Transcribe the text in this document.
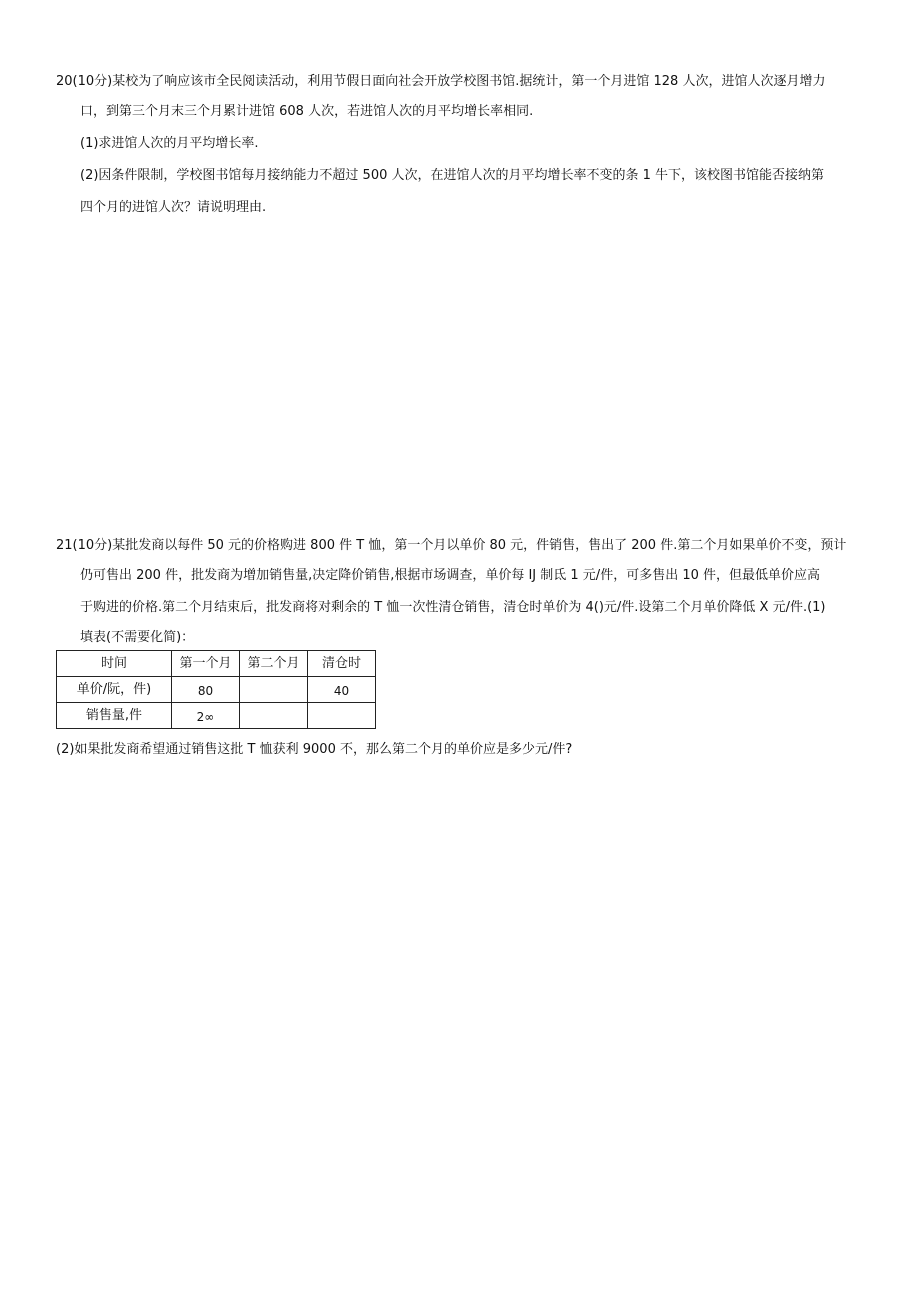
20(10分)某校为了响应该市全民阅读活动，利用节假日面向社会开放学校图书馆.据统计，第一个月进馆 128 人次，进馆人次逐月增力
口，到第三个月末三个月累计进馆 608 人次，若进馆人次的月平均增长率相同.
(1)求进馆人次的月平均增长率.
(2)因条件限制，学校图书馆每月接纳能力不超过 500 人次，在进馆人次的月平均增长率不变的条 1 牛下，该校图书馆能否接纳第
四个月的进馆人次？请说明理由.
21(10分)某批发商以每件 50 元的价格购进 800 件 T 恤，第一个月以单价 80 元，件销售，售出了 200 件.第二个月如果单价不变，预计
仍可售出 200 件，批发商为增加销售量,决定降价销售,根据市场调查，单价每 IJ 制氐 1 元/件，可多售出 10 件，但最低单价应高
于购进的价格.第二个月结束后，批发商将对剩余的 T 恤一次性清仓销售，清仓时单价为 4()元/件.设第二个月单价降低 X 元/件.(1)
填表(不需要化简)：
时间	第一个月	第二个月	清仓时
单价/阮，件)	80		40
销售量,件	2∞		
(2)如果批发商希望通过销售这批 T 恤获利 9000 不，那么第二个月的单价应是多少元/件?
